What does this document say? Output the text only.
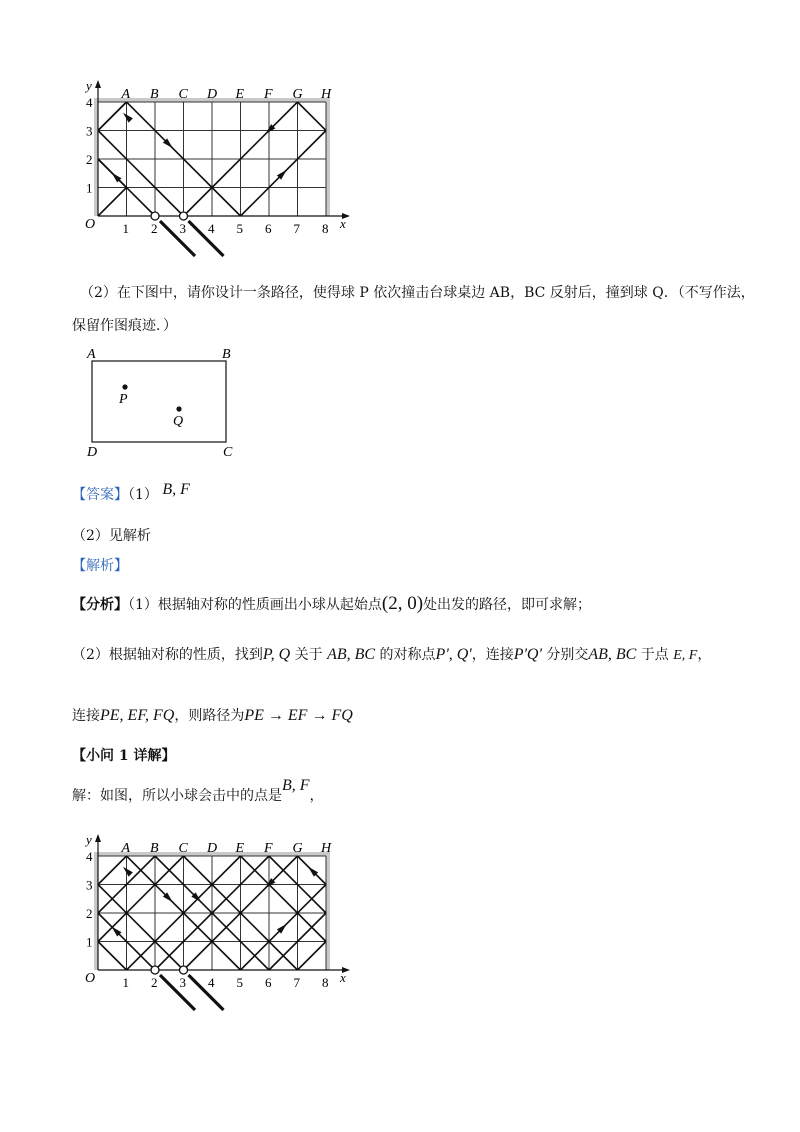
A B C D E F G H
1 2 3 4 5 6 7 8
1
2
3
4
O	x
y
（2）在下图中，请你设计一条路径，使得球 P 依次撞击台球桌边 AB，BC 反射后，撞到球 Q．（不写作法，
保留作图痕迹．）
A	B
D	C
P
Q
【答案】（1） B, F
（2）见解析
【解析】
【分析】（1）根据轴对称的性质画出小球从起始点(2, 0)处出发的路径，即可求解；
（2）根据轴对称的性质，找到P, Q 关于 AB, BC 的对称点P', Q'，连接P'Q' 分别交AB, BC 于点 E, F，
连接PE, EF, FQ，则路径为PE → EF → FQ
【小问 1 详解】
解：如图，所以小球会击中的点是B, F，
A B C D E F G H
1 2 3 4 5 6 7 8
1
2
3
4
O	x
y
